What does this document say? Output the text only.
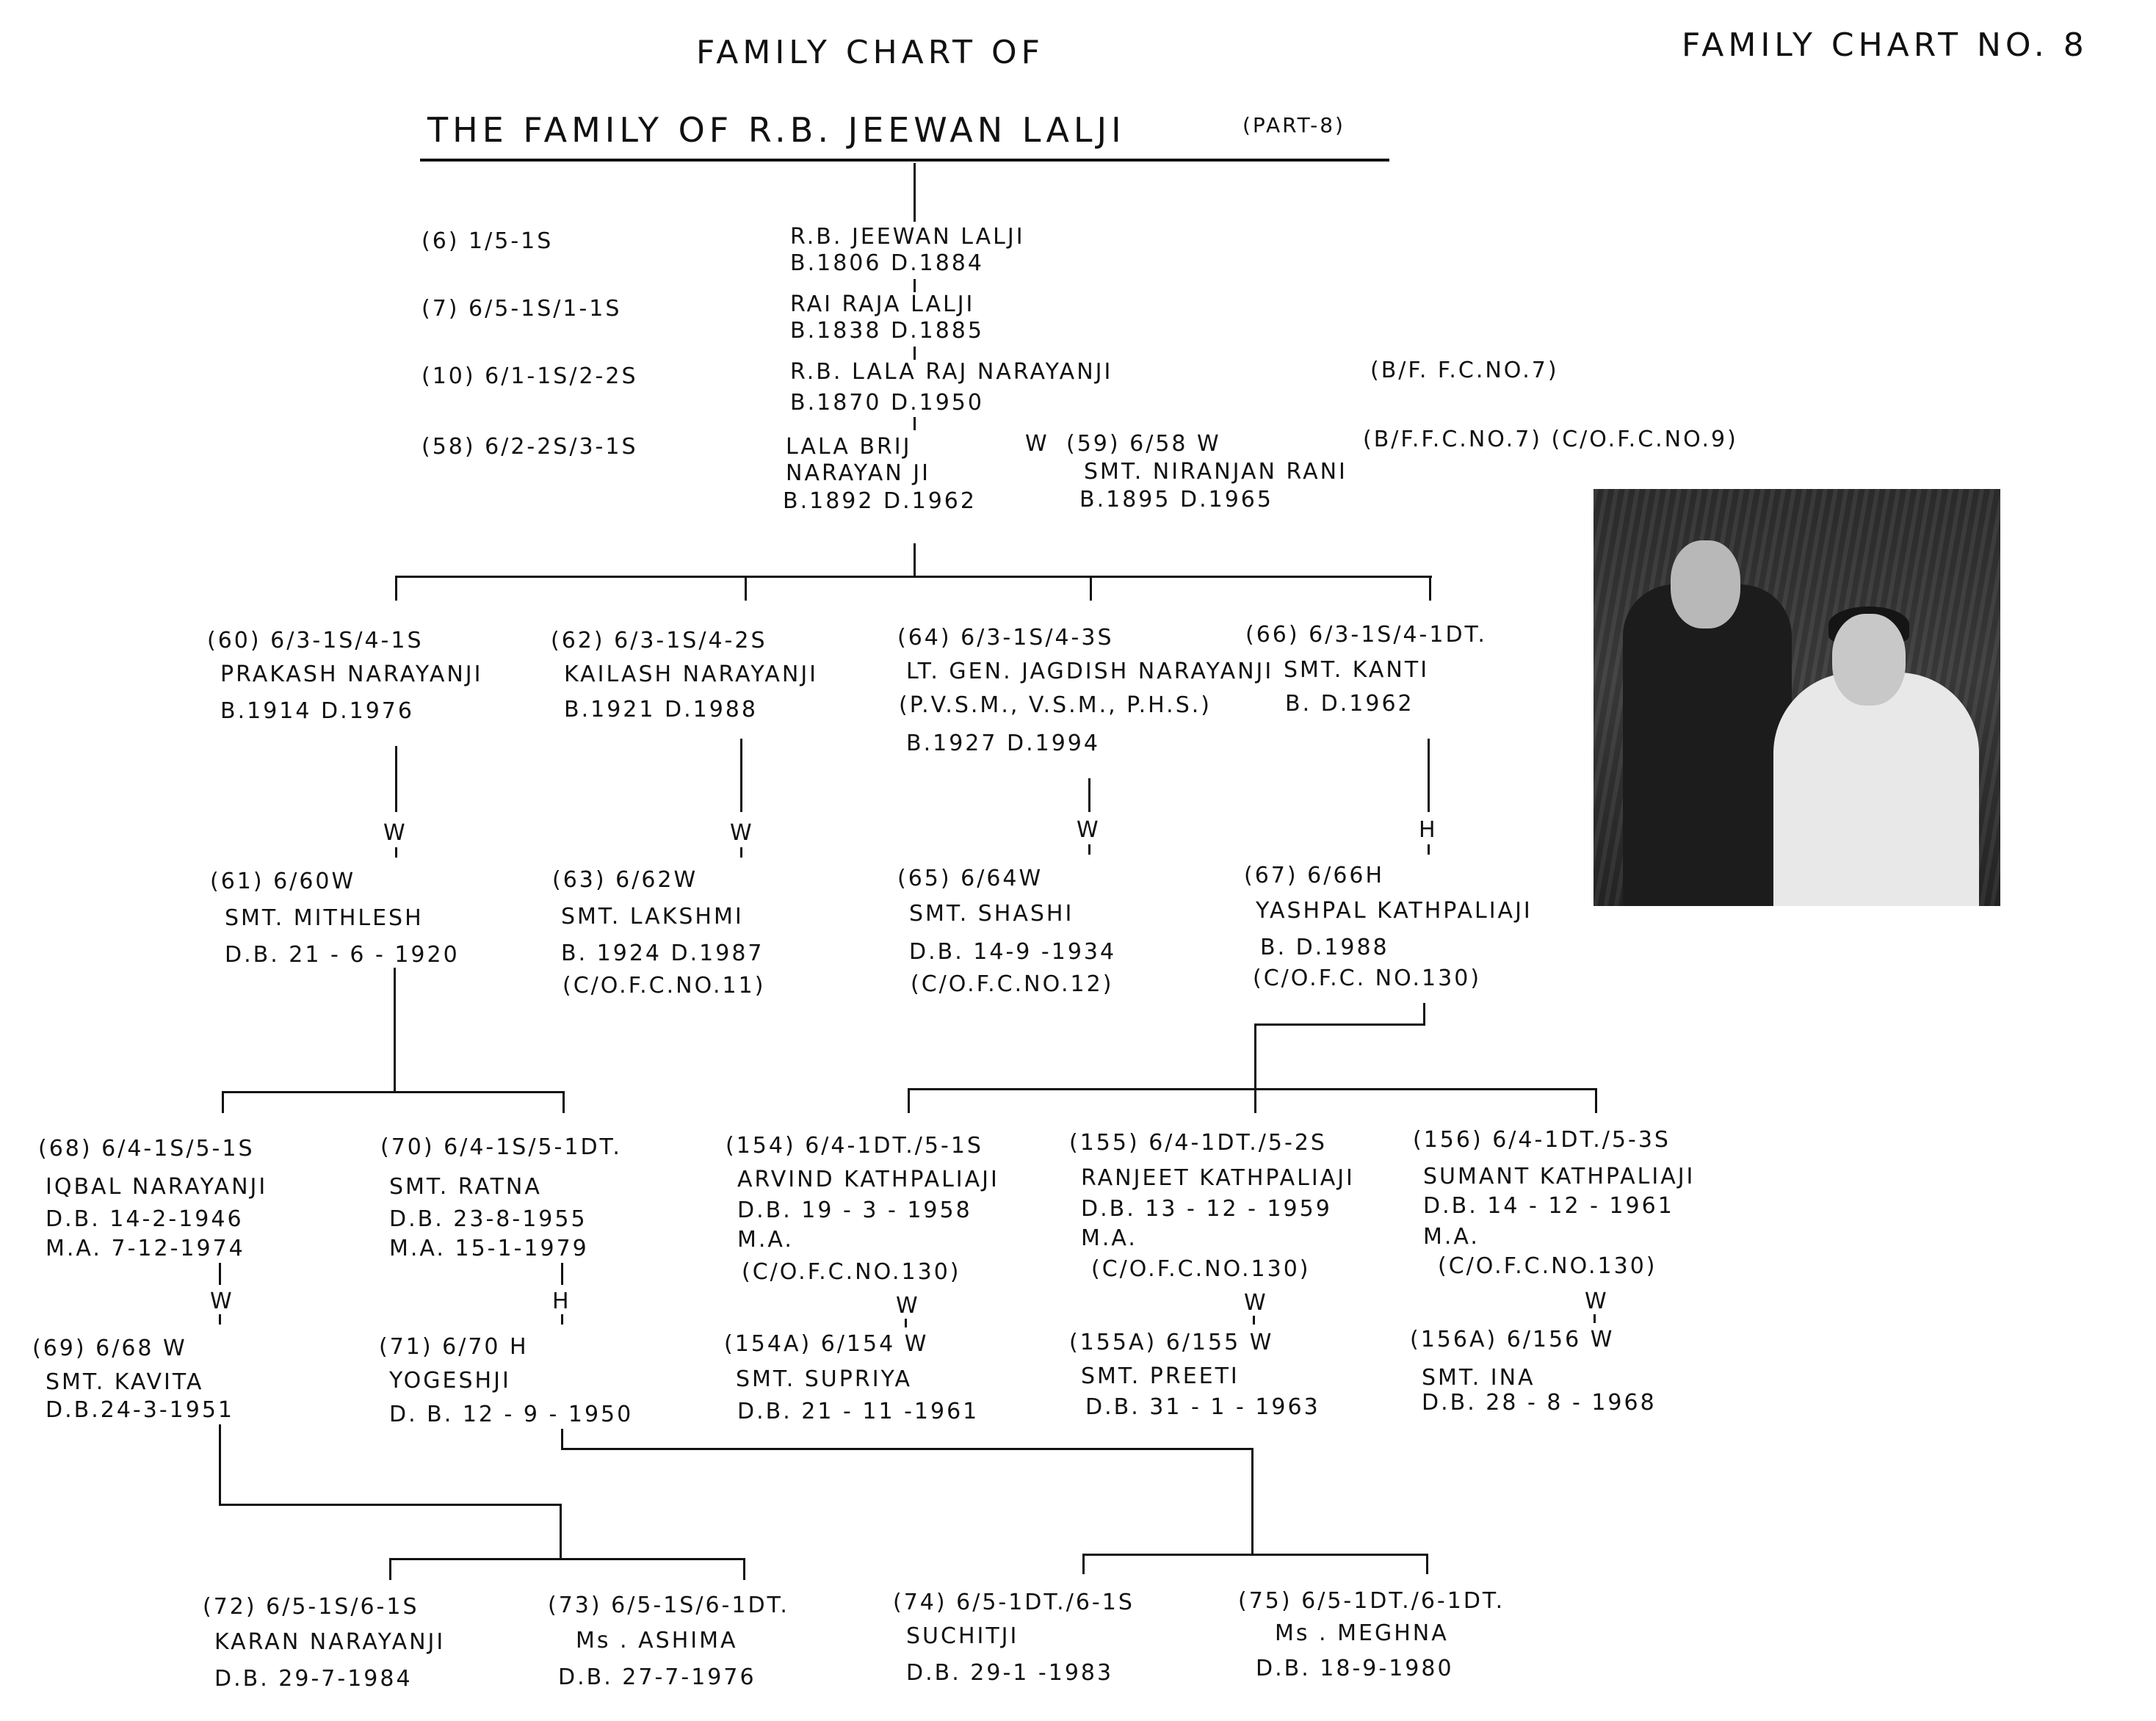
FAMILY CHART OF	FAMILY CHART NO. 8
THE FAMILY OF R.B. JEEWAN LALJI	(PART-8)
(6) 1/5-1S	R.B. JEEWAN LALJI
B.1806 D.1884
(7) 6/5-1S/1-1S	RAI RAJA LALJI
B.1838 D.1885
(10) 6/1-1S/2-2S	R.B. LALA RAJ NARAYANJI
B.1870 D.1950
(B/F. F.C.NO.7)
(58) 6/2-2S/3-1S	LALA BRIJ
NARAYAN JI
B.1892 D.1962
W (59) 6/58 W
SMT. NIRANJAN RANI
B.1895 D.1965
(B/F.F.C.NO.7) (C/O.F.C.NO.9)
(60) 6/3-1S/4-1S
PRAKASH NARAYANJI
B.1914 D.1976
(62) 6/3-1S/4-2S
KAILASH NARAYANJI
B.1921 D.1988
(64) 6/3-1S/4-3S
LT. GEN. JAGDISH NARAYANJI
(P.V.S.M., V.S.M., P.H.S.)
B.1927 D.1994
(66) 6/3-1S/4-1DT.
SMT. KANTI
B. D.1962
W	W	W	H
(61) 6/60W
SMT. MITHLESH
D.B. 21 - 6 - 1920
(63) 6/62W
SMT. LAKSHMI
B. 1924 D.1987
(C/O.F.C.NO.11)
(65) 6/64W
SMT. SHASHI
D.B. 14-9 -1934
(C/O.F.C.NO.12)
(67) 6/66H
YASHPAL KATHPALIAJI
B. D.1988
(C/O.F.C. NO.130)
(68) 6/4-1S/5-1S
IQBAL NARAYANJI
D.B. 14-2-1946
M.A. 7-12-1974
(70) 6/4-1S/5-1DT.
SMT. RATNA
D.B. 23-8-1955
M.A. 15-1-1979
(154) 6/4-1DT./5-1S
ARVIND KATHPALIAJI
D.B. 19 - 3 - 1958
M.A.
(C/O.F.C.NO.130)
(155) 6/4-1DT./5-2S
RANJEET KATHPALIAJI
D.B. 13 - 12 - 1959
M.A.
(C/O.F.C.NO.130)
(156) 6/4-1DT./5-3S
SUMANT KATHPALIAJI
D.B. 14 - 12 - 1961
M.A.
(C/O.F.C.NO.130)
W	H	W	W	W
(69) 6/68 W
SMT. KAVITA
D.B.24-3-1951
(71) 6/70 H
YOGESHJI
D. B. 12 - 9 - 1950
(154A) 6/154 W
SMT. SUPRIYA
D.B. 21 - 11 -1961
(155A) 6/155 W
SMT. PREETI
D.B. 31 - 1 - 1963
(156A) 6/156 W
SMT. INA
D.B. 28 - 8 - 1968
(72) 6/5-1S/6-1S
KARAN NARAYANJI
D.B. 29-7-1984
(73) 6/5-1S/6-1DT.
Ms . ASHIMA
D.B. 27-7-1976
(74) 6/5-1DT./6-1S
SUCHITJI
D.B. 29-1 -1983
(75) 6/5-1DT./6-1DT.
Ms . MEGHNA
D.B. 18-9-1980
